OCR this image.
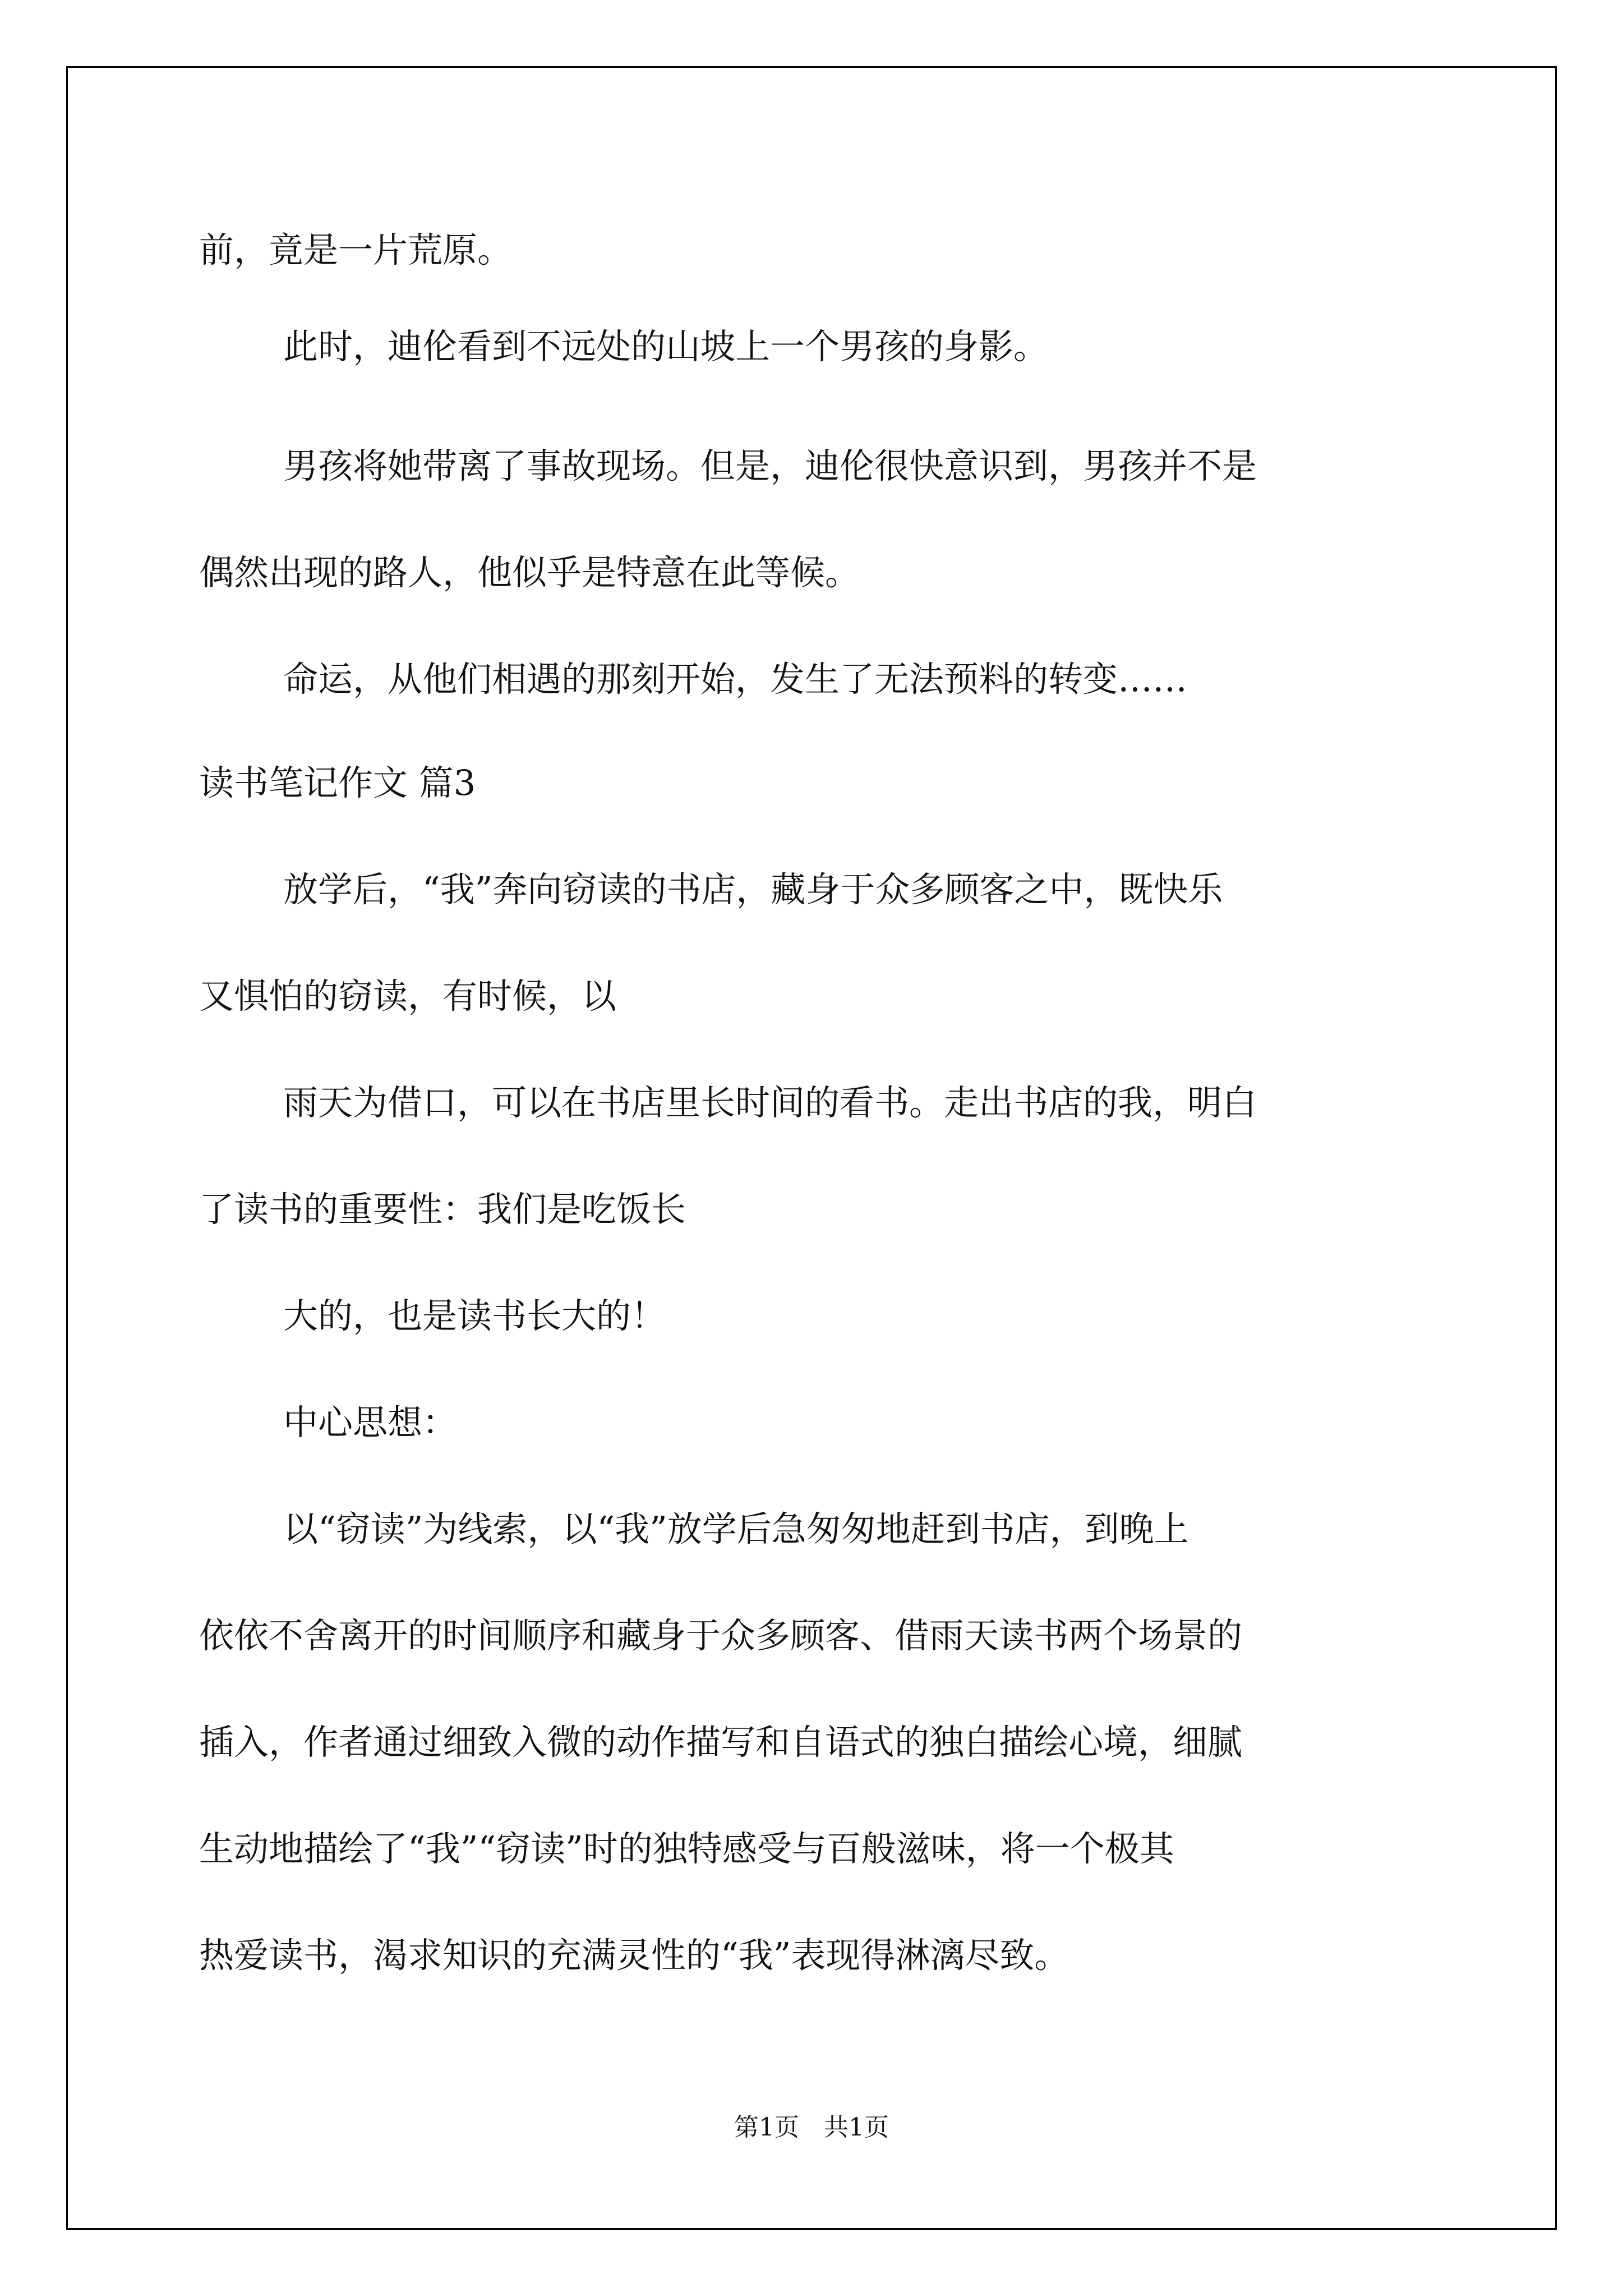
前，竟是一片荒原。

此时，迪伦看到不远处的山坡上一个男孩的身影。

男孩将她带离了事故现场。但是，迪伦很快意识到，男孩并不是

偶然出现的路人，他似乎是特意在此等候。

命运，从他们相遇的那刻开始，发生了无法预料的转变……

读书笔记作文 篇3

放学后，“我”奔向窃读的书店，藏身于众多顾客之中，既快乐

又惧怕的窃读，有时候，以

雨天为借口，可以在书店里长时间的看书。走出书店的我，明白

了读书的重要性：我们是吃饭长

大的，也是读书长大的！

中心思想：

以“窃读”为线索，以“我”放学后急匆匆地赶到书店，到晚上

依依不舍离开的时间顺序和藏身于众多顾客、借雨天读书两个场景的

插入，作者通过细致入微的动作描写和自语式的独白描绘心境，细腻

生动地描绘了“我”“窃读”时的独特感受与百般滋味，将一个极其

热爱读书，渴求知识的充满灵性的“我”表现得淋漓尽致。

第1页　共1页
